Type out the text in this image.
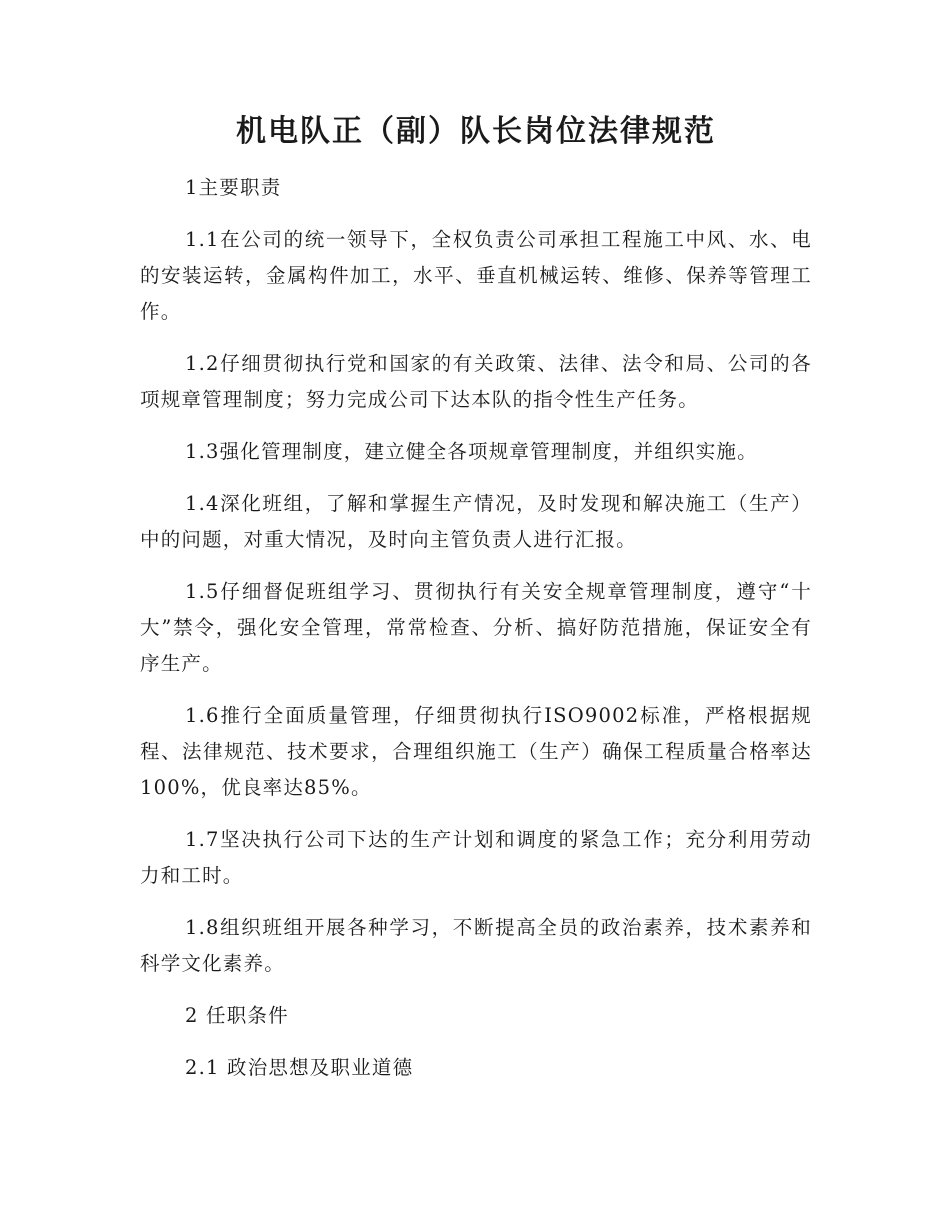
机电队正（副）队长岗位法律规范

1主要职责

1.1在公司的统一领导下，全权负责公司承担工程施工中风、水、电的安装运转，金属构件加工，水平、垂直机械运转、维修、保养等管理工作。

1.2仔细贯彻执行党和国家的有关政策、法律、法令和局、公司的各项规章管理制度；努力完成公司下达本队的指令性生产任务。

1.3强化管理制度，建立健全各项规章管理制度，并组织实施。

1.4深化班组，了解和掌握生产情况，及时发现和解决施工（生产）中的问题，对重大情况，及时向主管负责人进行汇报。

1.5仔细督促班组学习、贯彻执行有关安全规章管理制度，遵守“十大”禁令，强化安全管理，常常检查、分析、搞好防范措施，保证安全有序生产。

1.6推行全面质量管理，仔细贯彻执行ISO9002标准，严格根据规程、法律规范、技术要求，合理组织施工（生产）确保工程质量合格率达100%，优良率达85%。

1.7坚决执行公司下达的生产计划和调度的紧急工作；充分利用劳动力和工时。

1.8组织班组开展各种学习，不断提高全员的政治素养，技术素养和科学文化素养。

2 任职条件

2.1 政治思想及职业道德
